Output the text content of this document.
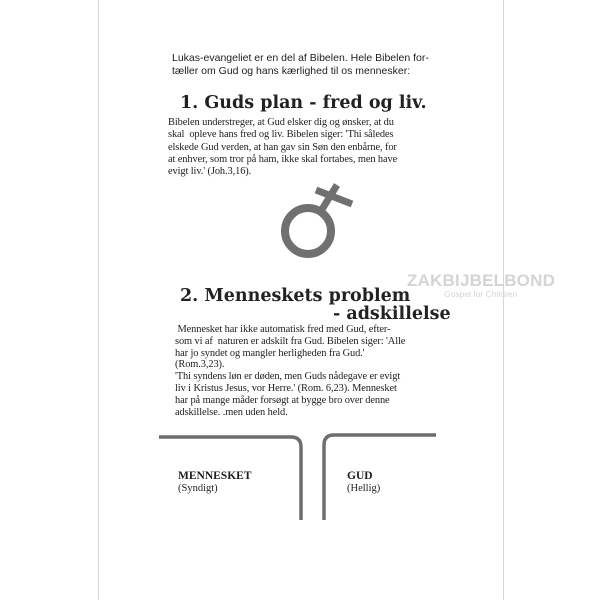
Lukas-evangeliet er en del af Bibelen. Hele Bibelen for-
tæller om Gud og hans kærlighed til os mennesker:

1. Guds plan - fred og liv.

Bibelen understreger, at Gud elsker dig og ønsker, at du
skal  opleve hans fred og liv. Bibelen siger: 'Thi således
elskede Gud verden, at han gav sin Søn den enbårne, for
at enhver, som tror på ham, ikke skal fortabes, men have
evigt liv.' (Joh.3,16).

ZAKBIJBELBOND
Gospel for Children
2. Menneskets problem
- adskillelse

Mennesket har ikke automatisk fred med Gud, efter-
som vi af  naturen er adskilt fra Gud. Bibelen siger: 'Alle
har jo syndet og mangler herligheden fra Gud.'
(Rom.3,23).
'Thi syndens løn er døden, men Guds nådegave er evigt
liv i Kristus Jesus, vor Herre.' (Rom. 6,23). Mennesket
har på mange måder forsøgt at bygge bro over denne
adskillelse. .men uden held.

MENNESKET
(Syndigt)
GUD
(Hellig)
